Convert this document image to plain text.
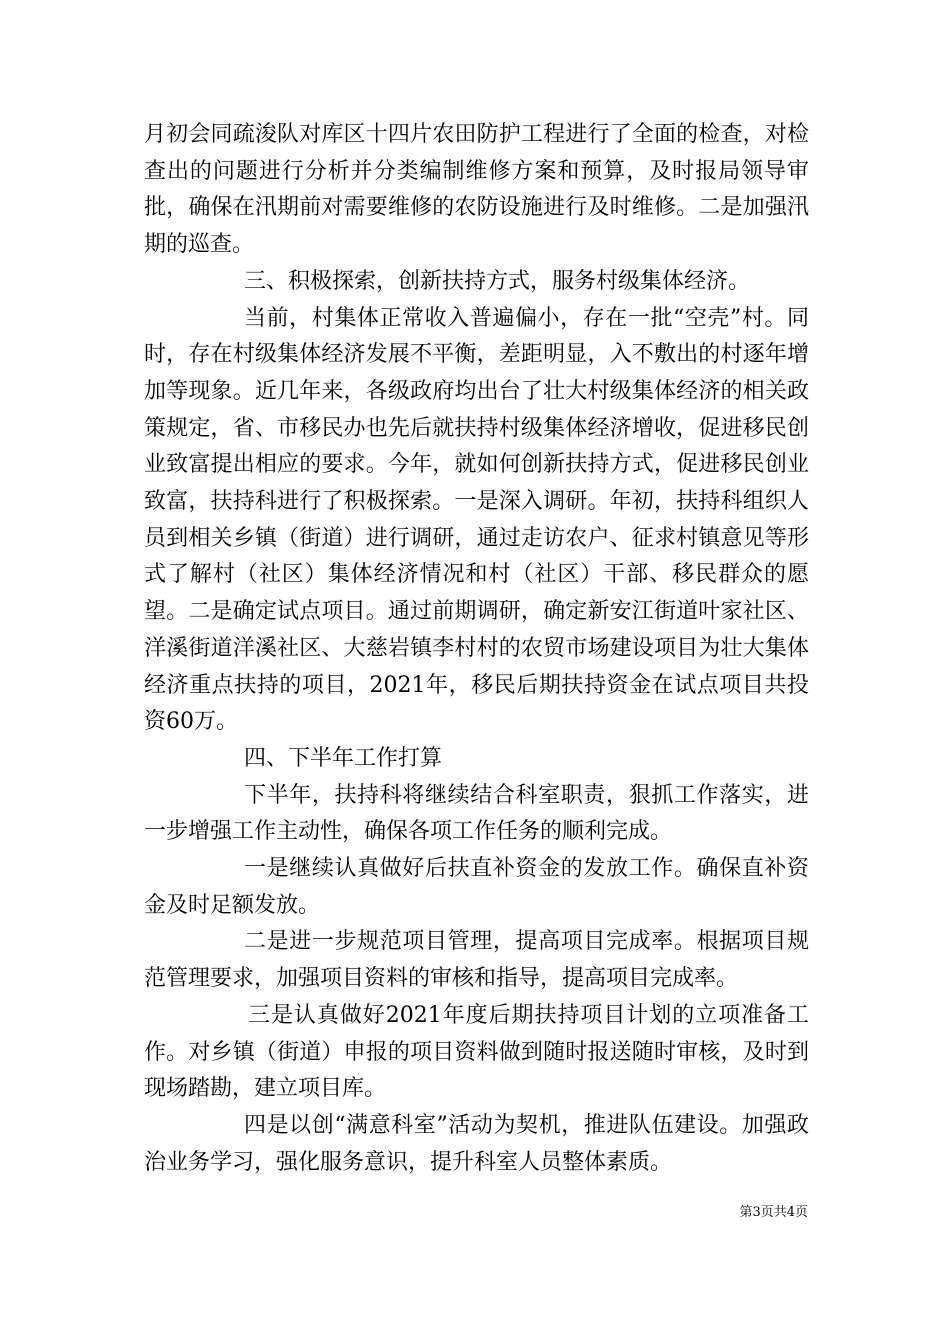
月初会同疏浚队对库区十四片农田防护工程进行了全面的检查，对检查出的问题进行分析并分类编制维修方案和预算，及时报局领导审批，确保在汛期前对需要维修的农防设施进行及时维修。二是加强汛期的巡查。

三、积极探索，创新扶持方式，服务村级集体经济。

当前，村集体正常收入普遍偏小，存在一批“空壳”村。同时，存在村级集体经济发展不平衡，差距明显，入不敷出的村逐年增加等现象。近几年来，各级政府均出台了壮大村级集体经济的相关政策规定，省、市移民办也先后就扶持村级集体经济增收，促进移民创业致富提出相应的要求。今年，就如何创新扶持方式，促进移民创业致富，扶持科进行了积极探索。一是深入调研。年初，扶持科组织人员到相关乡镇（街道）进行调研，通过走访农户、征求村镇意见等形式了解村（社区）集体经济情况和村（社区）干部、移民群众的愿望。二是确定试点项目。通过前期调研，确定新安江街道叶家社区、洋溪街道洋溪社区、大慈岩镇李村村的农贸市场建设项目为壮大集体经济重点扶持的项目，2021年，移民后期扶持资金在试点项目共投资60万。

四、下半年工作打算

下半年，扶持科将继续结合科室职责，狠抓工作落实，进一步增强工作主动性，确保各项工作任务的顺利完成。

一是继续认真做好后扶直补资金的发放工作。确保直补资金及时足额发放。

二是进一步规范项目管理，提高项目完成率。根据项目规范管理要求，加强项目资料的审核和指导，提高项目完成率。

三是认真做好2021年度后期扶持项目计划的立项准备工作。对乡镇（街道）申报的项目资料做到随时报送随时审核，及时到现场踏勘，建立项目库。

四是以创“满意科室”活动为契机，推进队伍建设。加强政治业务学习，强化服务意识，提升科室人员整体素质。

第3页共4页
